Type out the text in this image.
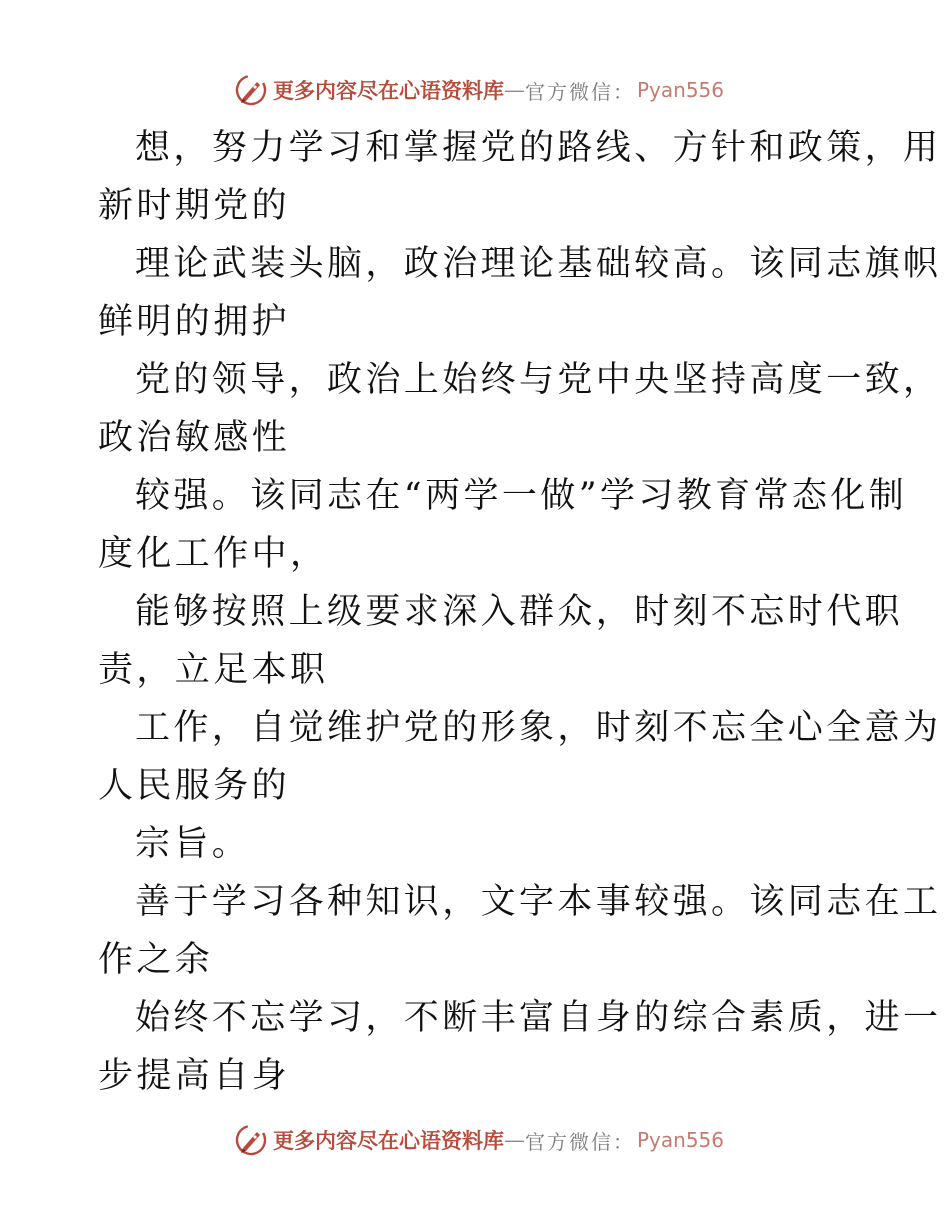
更多内容尽在心语资料库 — 官方微信： Pyan556
想，努力学习和掌握党的路线、方针和政策，用
新时期党的
理论武装头脑，政治理论基础较高。该同志旗帜
鲜明的拥护
党的领导，政治上始终与党中央坚持高度一致，
政治敏感性
较强。该同志在“两学一做”学习教育常态化制
度化工作中，
能够按照上级要求深入群众，时刻不忘时代职
责，立足本职
工作，自觉维护党的形象，时刻不忘全心全意为
人民服务的
宗旨。
善于学习各种知识，文字本事较强。该同志在工
作之余
始终不忘学习，不断丰富自身的综合素质，进一
步提高自身
更多内容尽在心语资料库 — 官方微信： Pyan556
